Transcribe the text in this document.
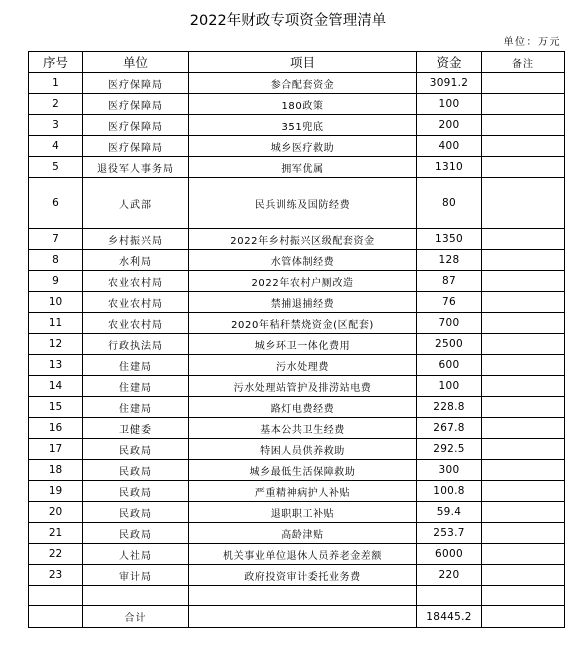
2022年财政专项资金管理清单
单位：万元
序号	单位	项目	资金	备注
1	医疗保障局	参合配套资金	3091.2	
2	医疗保障局	180政策	100	
3	医疗保障局	351兜底	200	
4	医疗保障局	城乡医疗救助	400	
5	退役军人事务局	拥军优属	1310	
6	人武部	民兵训练及国防经费	80	
7	乡村振兴局	2022年乡村振兴区级配套资金	1350	
8	水利局	水管体制经费	128	
9	农业农村局	2022年农村户厕改造	87	
10	农业农村局	禁捕退捕经费	76	
11	农业农村局	2020年秸秆禁烧资金(区配套)	700	
12	行政执法局	城乡环卫一体化费用	2500	
13	住建局	污水处理费	600	
14	住建局	污水处理站管护及排涝站电费	100	
15	住建局	路灯电费经费	228.8	
16	卫健委	基本公共卫生经费	267.8	
17	民政局	特困人员供养救助	292.5	
18	民政局	城乡最低生活保障救助	300	
19	民政局	严重精神病护人补贴	100.8	
20	民政局	退职职工补贴	59.4	
21	民政局	高龄津贴	253.7	
22	人社局	机关事业单位退休人员养老金差额	6000	
23	审计局	政府投资审计委托业务费	220	

	合计		18445.2	
